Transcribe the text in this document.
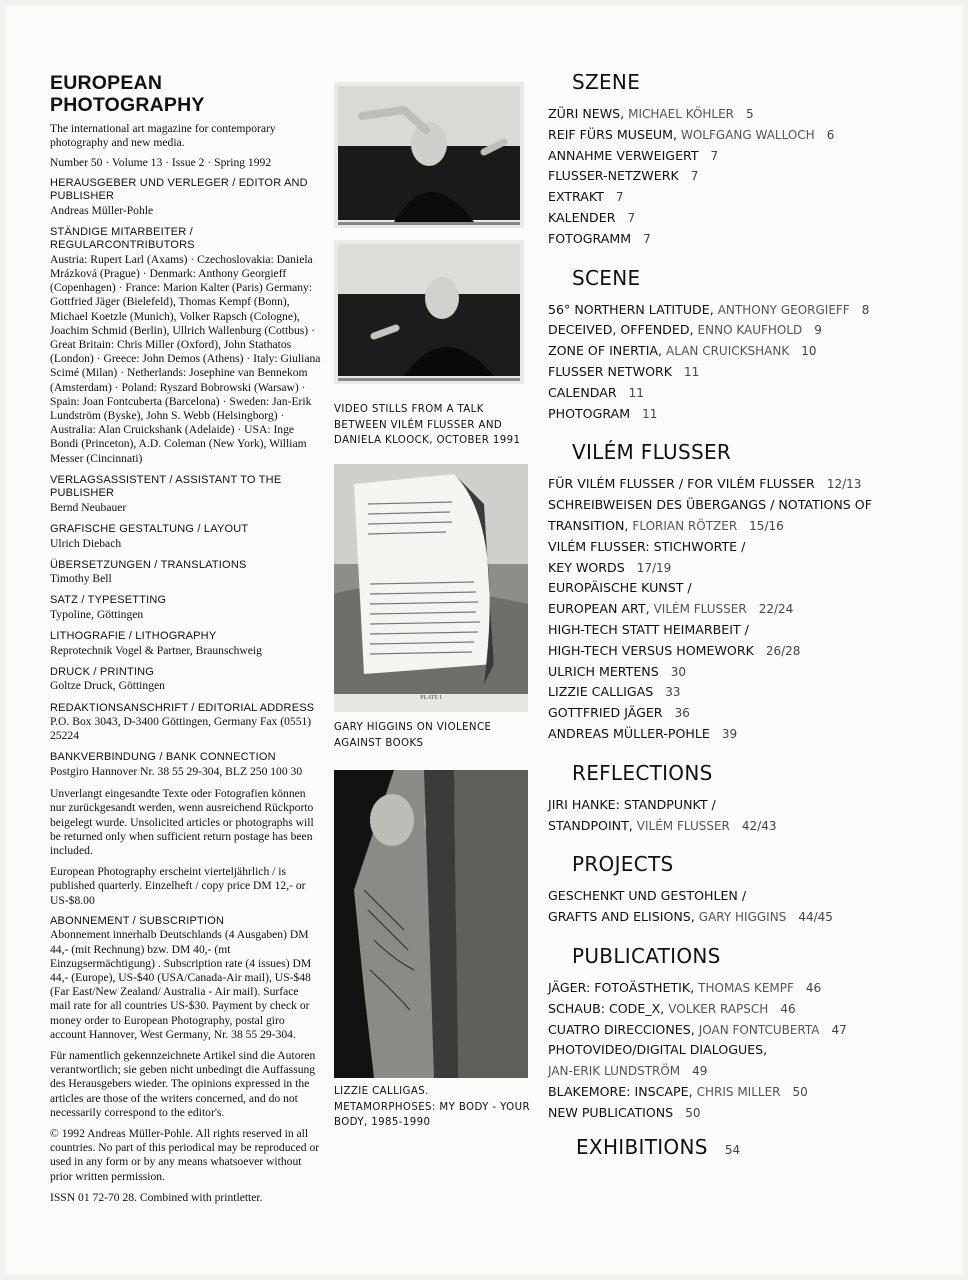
EUROPEAN PHOTOGRAPHY
The international art magazine for contemporary photography and new media.
Number 50 · Volume 13 · Issue 2 · Spring 1992
HERAUSGEBER UND VERLEGER / EDITOR AND PUBLISHER
Andreas Müller-Pohle
STÄNDIGE MITARBEITER / REGULARCONTRIBUTORS
Austria: Rupert Larl (Axams) · Czechoslovakia: Daniela Mrázková (Prague) · Denmark: Anthony Georgieff (Copenhagen) · France: Marion Kalter (Paris) Germany: Gottfried Jäger (Bielefeld), Thomas Kempf (Bonn), Michael Koetzle (Munich), Volker Rapsch (Cologne), Joachim Schmid (Berlin), Ullrich Wallenburg (Cottbus) · Great Britain: Chris Miller (Oxford), John Stathatos (London) · Greece: John Demos (Athens) · Italy: Giuliana Scimé (Milan) · Netherlands: Josephine van Bennekom (Amsterdam) · Poland: Ryszard Bobrowski (Warsaw) · Spain: Joan Fontcuberta (Barcelona) · Sweden: Jan-Erik Lundström (Byske), John S. Webb (Helsingborg) · Australia: Alan Cruickshank (Adelaide) · USA: Inge Bondi (Princeton), A.D. Coleman (New York), William Messer (Cincinnati)
VERLAGSASSISTENT / ASSISTANT TO THE PUBLISHER
Bernd Neubauer
GRAFISCHE GESTALTUNG / LAYOUT
Ulrich Diebach
ÜBERSETZUNGEN / TRANSLATIONS
Timothy Bell
SATZ / TYPESETTING
Typoline, Göttingen
LITHOGRAFIE / LITHOGRAPHY
Reprotechnik Vogel & Partner, Braunschweig
DRUCK / PRINTING
Goltze Druck, Göttingen
REDAKTIONSANSCHRIFT / EDITORIAL ADDRESS
P.O. Box 3043, D-3400 Göttingen, Germany Fax (0551) 25224
BANKVERBINDUNG / BANK CONNECTION
Postgiro Hannover Nr. 38 55 29-304, BLZ 250 100 30

Unverlangt eingesandte Texte oder Fotografien können nur zurückgesandt werden, wenn ausreichend Rückporto beigelegt wurde. Unsolicited articles or photographs will be returned only when sufficient return postage has been included.

European Photography erscheint vierteljährlich / is published quarterly. Einzelheft / copy price DM 12,- or US-$8.00

ABONNEMENT / SUBSCRIPTION

Abonnement innerhalb Deutschlands (4 Ausgaben) DM 44,- (mit Rechnung) bzw. DM 40,- (mt Einzugsermächtigung) . Subscription rate (4 issues) DM 44,- (Europe), US-$40 (USA/Canada-Air mail), US-$48 (Far East/New Zealand/ Australia - Air mail). Surface mail rate for all countries US-$30. Payment by check or money order to European Photography, postal giro account Hannover, West Germany, Nr. 38 55 29-304.

Für namentlich gekennzeichnete Artikel sind die Autoren verantwortlich; sie geben nicht unbedingt die Auffassung des Herausgebers wieder. The opinions expressed in the articles are those of the writers concerned, and do not necessarily correspond to the editor's.

© 1992 Andreas Müller-Pohle. All rights reserved in all countries. No part of this periodical may be reproduced or used in any form or by any means whatsoever without prior written permission.

ISSN 01 72-70 28. Combined with printletter.

VIDEO STILLS FROM A TALK BETWEEN VILÉM FLUSSER AND DANIELA KLOOCK, OCTOBER 1991
PLATE I
GARY HIGGINS ON VIOLENCE AGAINST BOOKS
LIZZIE CALLIGAS. METAMORPHOSES: MY BODY - YOUR BODY, 1985-1990
SZENE
ZÜRI NEWS, MICHAEL KÖHLER 5
REIF FÜRS MUSEUM, WOLFGANG WALLOCH 6
ANNAHME VERWEIGERT 7
FLUSSER-NETZWERK 7
EXTRAKT 7
KALENDER 7
FOTOGRAMM 7
SCENE
56° NORTHERN LATITUDE, ANTHONY GEORGIEFF 8
DECEIVED, OFFENDED, ENNO KAUFHOLD 9
ZONE OF INERTIA, ALAN CRUICKSHANK 10
FLUSSER NETWORK 11
CALENDAR 11
PHOTOGRAM 11
VILÉM FLUSSER
FÜR VILÉM FLUSSER / FOR VILÉM FLUSSER 12/13
SCHREIBWEISEN DES ÜBERGANGS / NOTATIONS OF
TRANSITION, FLORIAN RÖTZER 15/16
VILÉM FLUSSER: STICHWORTE /
KEY WORDS 17/19
EUROPÄISCHE KUNST /
EUROPEAN ART, VILÉM FLUSSER 22/24
HIGH-TECH STATT HEIMARBEIT /
HIGH-TECH VERSUS HOMEWORK 26/28
ULRICH MERTENS 30
LIZZIE CALLIGAS 33
GOTTFRIED JÄGER 36
ANDREAS MÜLLER-POHLE 39
REFLECTIONS
JIRI HANKE: STANDPUNKT /
STANDPOINT, VILÉM FLUSSER 42/43
PROJECTS
GESCHENKT UND GESTOHLEN /
GRAFTS AND ELISIONS, GARY HIGGINS 44/45
PUBLICATIONS
JÄGER: FOTOÄSTHETIK, THOMAS KEMPF 46
SCHAUB: CODE_X, VOLKER RAPSCH 46
CUATRO DIRECCIONES, JOAN FONTCUBERTA 47
PHOTOVIDEO/DIGITAL DIALOGUES,
JAN-ERIK LUNDSTRÖM 49
BLAKEMORE: INSCAPE, CHRIS MILLER 50
NEW PUBLICATIONS 50
EXHIBITIONS 54
